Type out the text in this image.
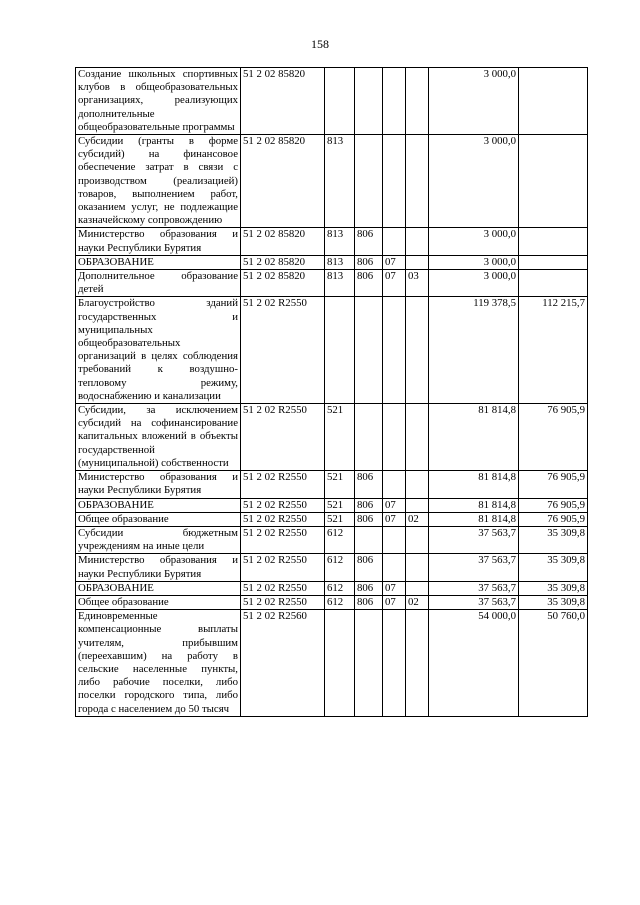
158
Создание школьных спортивных клубов в общеобразовательных организациях, реализующих дополнительные общеобразовательные программы	51 2 02 85820					3 000,0	
Субсидии (гранты в форме субсидий) на финансовое обеспечение затрат в связи с производством (реализацией) товаров, выполнением работ, оказанием услуг, не подлежащие казначейскому сопровождению	51 2 02 85820	813				3 000,0	
Министерство образования и науки Республики Бурятия	51 2 02 85820	813	806			3 000,0	
ОБРАЗОВАНИЕ	51 2 02 85820	813	806	07		3 000,0	
Дополнительное образование детей	51 2 02 85820	813	806	07	03	3 000,0	
Благоустройство зданий государственных и муниципальных общеобразовательных организаций в целях соблюдения требований к воздушно-тепловому режиму, водоснабжению и канализации	51 2 02 R2550					119 378,5	112 215,7
Субсидии, за исключением субсидий на софинансирование капитальных вложений в объекты государственной (муниципальной) собственности	51 2 02 R2550	521				81 814,8	76 905,9
Министерство образования и науки Республики Бурятия	51 2 02 R2550	521	806			81 814,8	76 905,9
ОБРАЗОВАНИЕ	51 2 02 R2550	521	806	07		81 814,8	76 905,9
Общее образование	51 2 02 R2550	521	806	07	02	81 814,8	76 905,9
Субсидии бюджетным учреждениям на иные цели	51 2 02 R2550	612				37 563,7	35 309,8
Министерство образования и науки Республики Бурятия	51 2 02 R2550	612	806			37 563,7	35 309,8
ОБРАЗОВАНИЕ	51 2 02 R2550	612	806	07		37 563,7	35 309,8
Общее образование	51 2 02 R2550	612	806	07	02	37 563,7	35 309,8
Единовременные компенсационные выплаты учителям, прибывшим (переехавшим) на работу в сельские населенные пункты, либо рабочие поселки, либо поселки городского типа, либо города с населением до 50 тысяч	51 2 02 R2560					54 000,0	50 760,0
